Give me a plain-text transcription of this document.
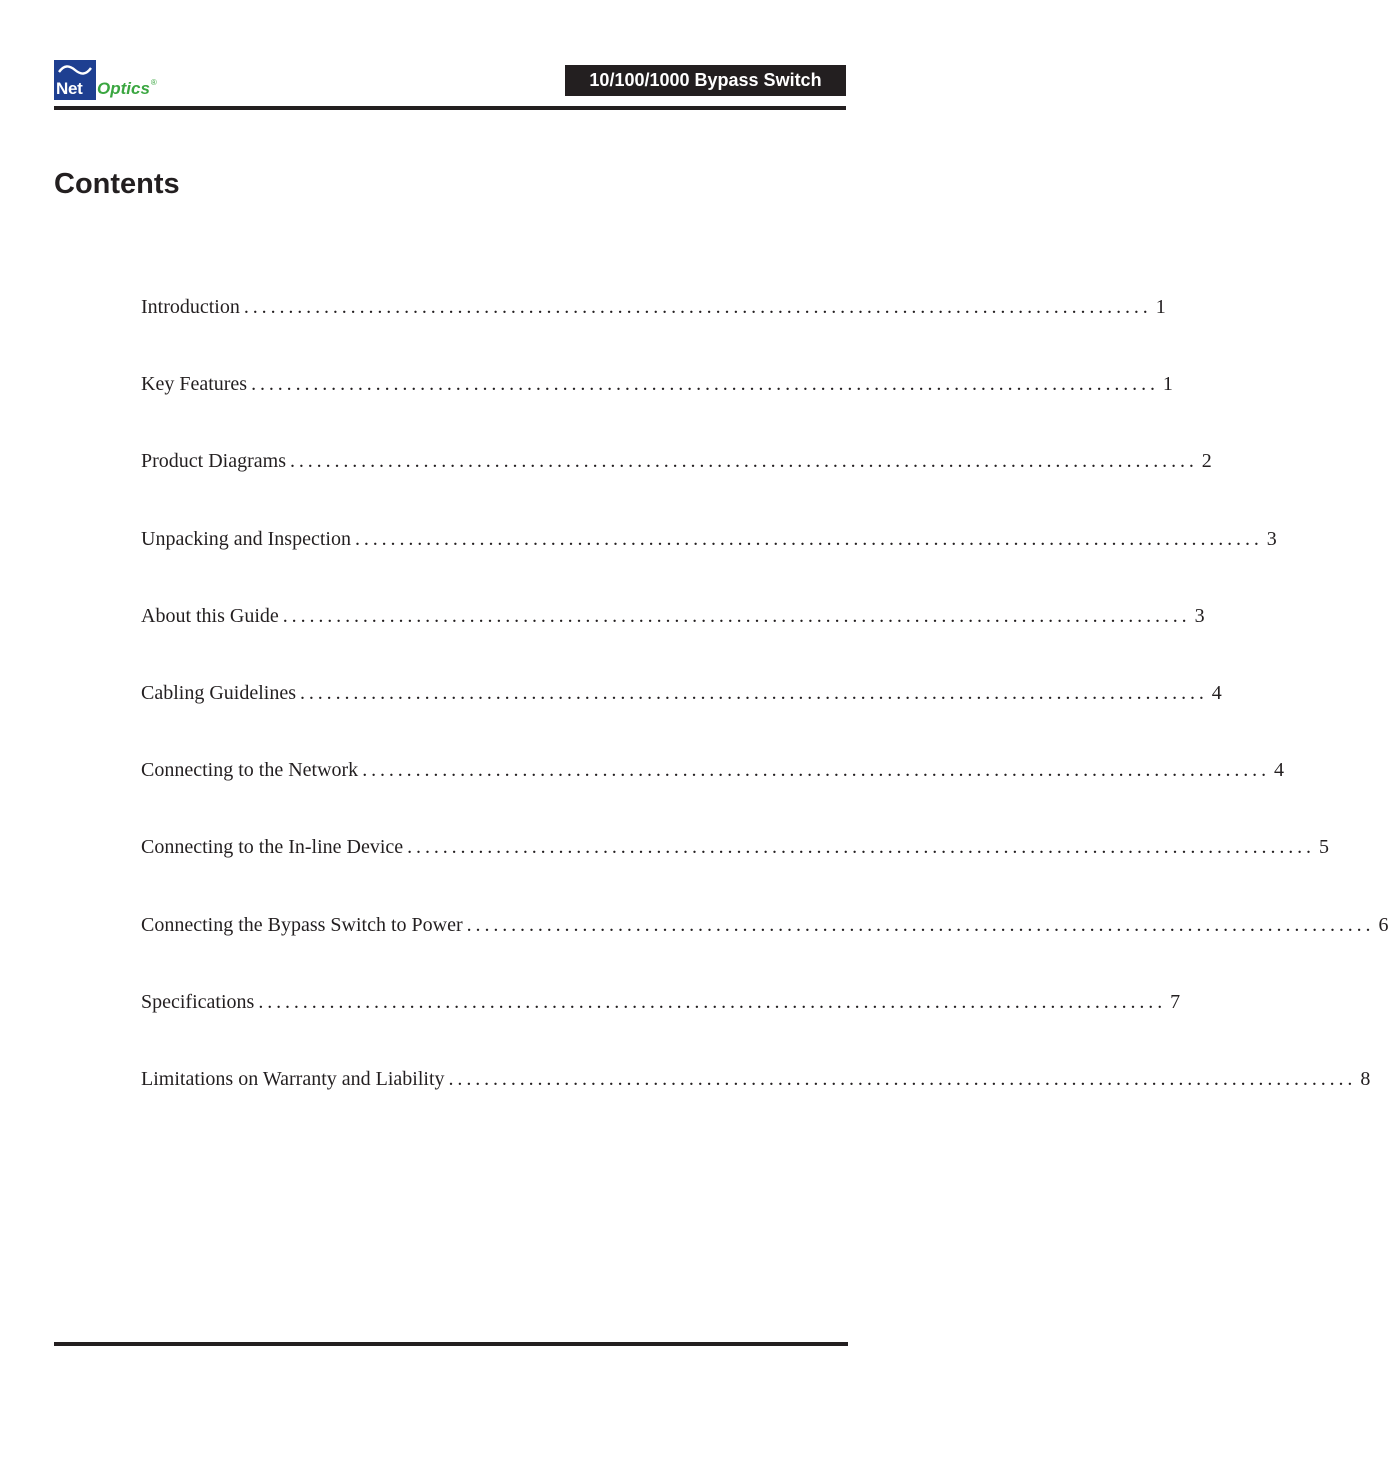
Net Optics®	10/100/1000 Bypass Switch
Contents
Introduction ...................................................................................................... 1
Key Features ...................................................................................................... 1
Product Diagrams ...................................................................................................... 2
Unpacking and Inspection ...................................................................................................... 3
About this Guide ...................................................................................................... 3
Cabling Guidelines ...................................................................................................... 4
Connecting to the Network ...................................................................................................... 4
Connecting to the In-line Device ...................................................................................................... 5
Connecting the Bypass Switch to Power ...................................................................................................... 6
Specifications ...................................................................................................... 7
Limitations on Warranty and Liability ...................................................................................................... 8
